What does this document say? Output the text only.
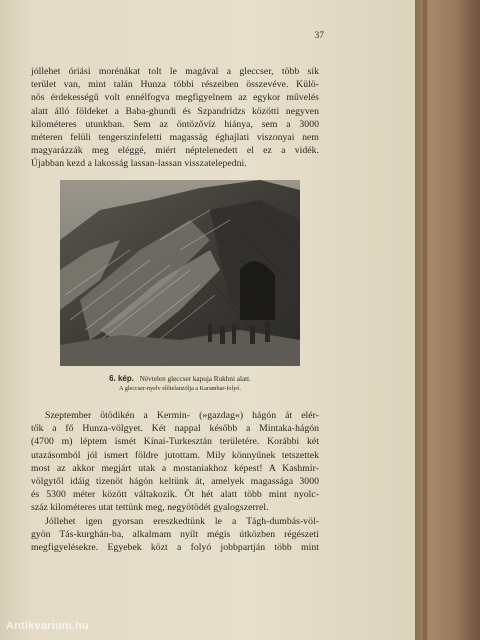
37
jóllehet óriási morénákat tolt le magával a gleccser, több sík
terület van, mint talán Hunza többi részeiben összevéve. Külö-
nös érdekességű volt ennélfogva megfigyelnem az egykor művelés
alatt álló földeket a Baba-ghundi és Szpandridzs közötti negyven
kilométeres utunkban. Sem az öntözővíz hiánya, sem a 3000
méteren felüli tengerszinfeletti magasság éghajlati viszonyai nem
magyarázzák meg eléggé, miért néptelenedett el ez a vidék.
Újabban kezd a lakosság lassan-lassan visszatelepedni.
6. kép. Névtelen gleccser kapuja Rukhni alatt.
A gleccser-nyelv előtelanzólja a Karambar-folyó.
Szeptember ötödikén a Kermin- (»gazdag«) hágón át elér-
tők a fő Hunza-völgyet. Két nappal később a Mintaka-hágón
(4700 m) léptem ismét Kínai-Turkesztán területére. Korábbi két
utazásomból jól ismert földre jutottam. Mily könnyűnek tetszettek
most az akkor megjárt utak a mostaniakhoz képest! A Kashmir-
völgytől idáig tizenöt hágón keltünk át, amelyek magassága 3000
és 5300 méter között váltakozik. Öt hét alatt több mint nyolc-
száz kilométeres utat tettünk meg, negyötödét gyalogszerrel.
Jóllehet igen gyorsan ereszkedtünk le a Tágh-dumbás-völ-
gyön Tás-kurghán-ba, alkalmam nyílt mégis útközben régészeti
megfigyelésekre. Egyebek közt a folyó jobbpartján több mint
Antikvarium.hu
